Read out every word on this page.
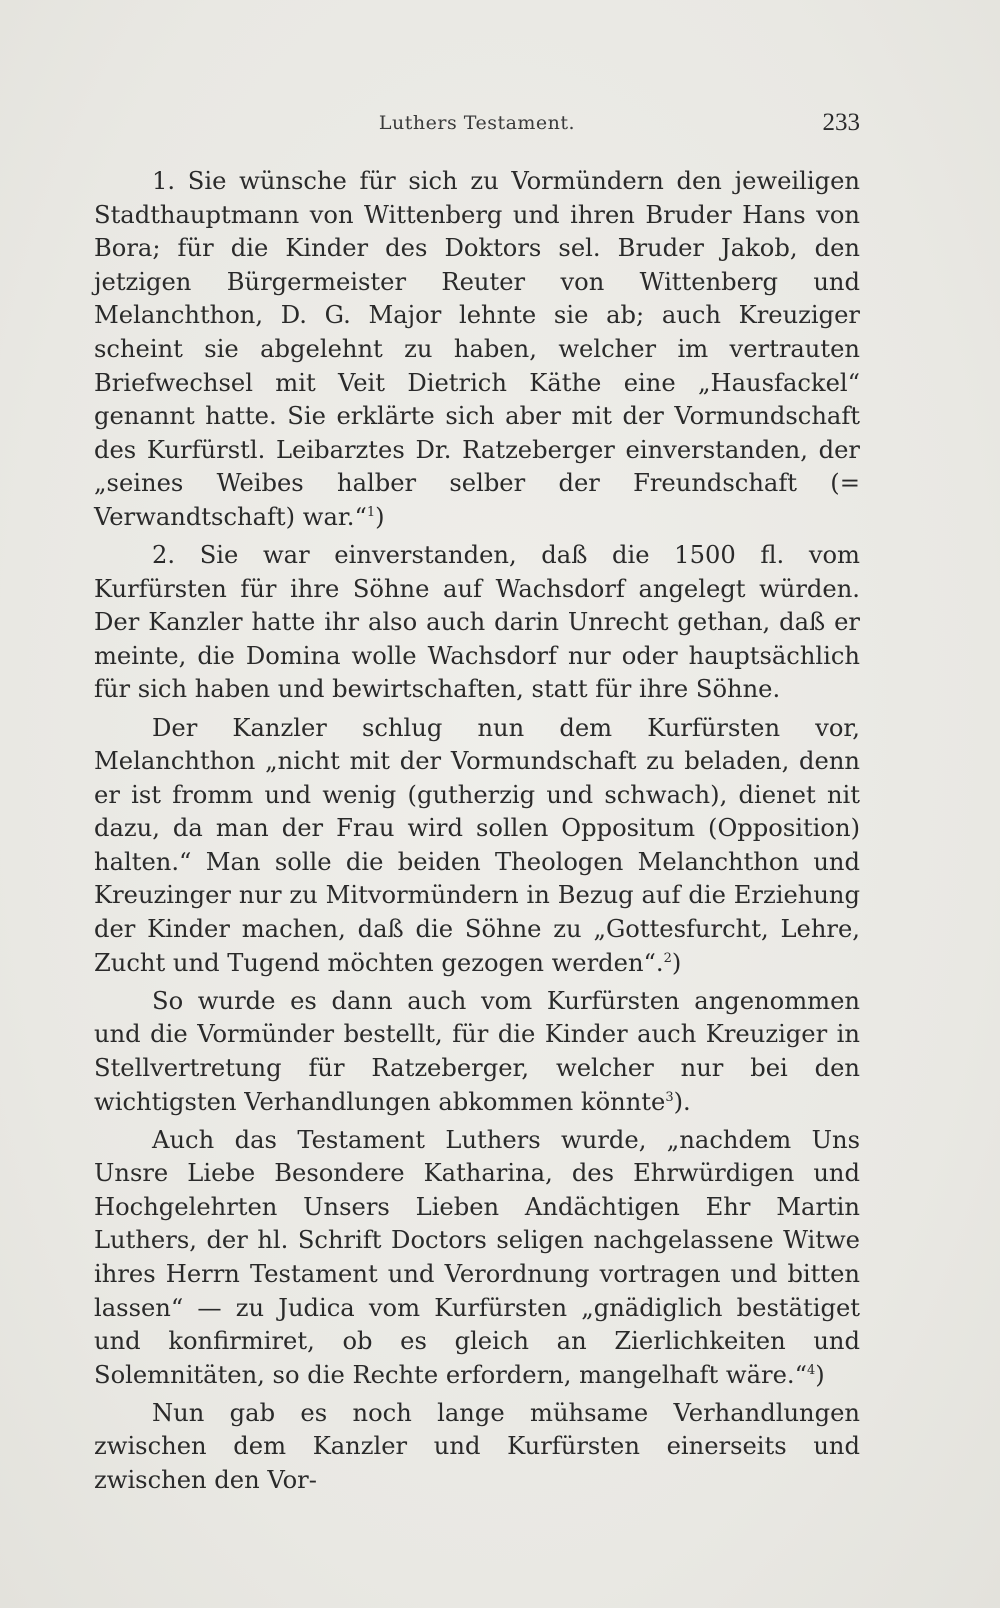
Luthers Testament.	233

1. Sie wünsche für sich zu Vormündern den jeweiligen Stadthauptmann von Wittenberg und ihren Bruder Hans von Bora; für die Kinder des Doktors sel. Bruder Jakob, den jetzigen Bürgermeister Reuter von Wittenberg und Melanchthon, D. G. Major lehnte sie ab; auch Kreuziger scheint sie abgelehnt zu haben, welcher im vertrauten Briefwechsel mit Veit Dietrich Käthe eine „Hausfackel“ genannt hatte. Sie erklärte sich aber mit der Vormundschaft des Kurfürstl. Leibarztes Dr. Ratzeberger einverstanden, der „seines Weibes halber selber der Freundschaft (= Verwandtschaft) war.“$^1$)

2. Sie war einverstanden, daß die 1500 fl. vom Kurfürsten für ihre Söhne auf Wachsdorf angelegt würden. Der Kanzler hatte ihr also auch darin Unrecht gethan, daß er meinte, die Domina wolle Wachsdorf nur oder hauptsächlich für sich haben und bewirtschaften, statt für ihre Söhne.

Der Kanzler schlug nun dem Kurfürsten vor, Melanchthon „nicht mit der Vormundschaft zu beladen, denn er ist fromm und wenig (gutherzig und schwach), dienet nit dazu, da man der Frau wird sollen Oppositum (Opposition) halten.“ Man solle die beiden Theologen Melanchthon und Kreuzinger nur zu Mitvormündern in Bezug auf die Erziehung der Kinder machen, daß die Söhne zu „Gottesfurcht, Lehre, Zucht und Tugend möchten gezogen werden“.$^2$)

So wurde es dann auch vom Kurfürsten angenommen und die Vormünder bestellt, für die Kinder auch Kreuziger in Stellvertretung für Ratzeberger, welcher nur bei den wichtigsten Verhandlungen abkommen könnte$^3$).

Auch das Testament Luthers wurde, „nachdem Uns Unsre Liebe Besondere Katharina, des Ehrwürdigen und Hochgelehrten Unsers Lieben Andächtigen Ehr Martin Luthers, der hl. Schrift Doctors seligen nachgelassene Witwe ihres Herrn Testament und Verordnung vortragen und bitten lassen“ — zu Judica vom Kurfürsten „gnädiglich bestätiget und konfirmiret, ob es gleich an Zierlichkeiten und Solemnitäten, so die Rechte erfordern, mangelhaft wäre.“$^4$)

Nun gab es noch lange mühsame Verhandlungen zwischen dem Kanzler und Kurfürsten einerseits und zwischen den Vor-
